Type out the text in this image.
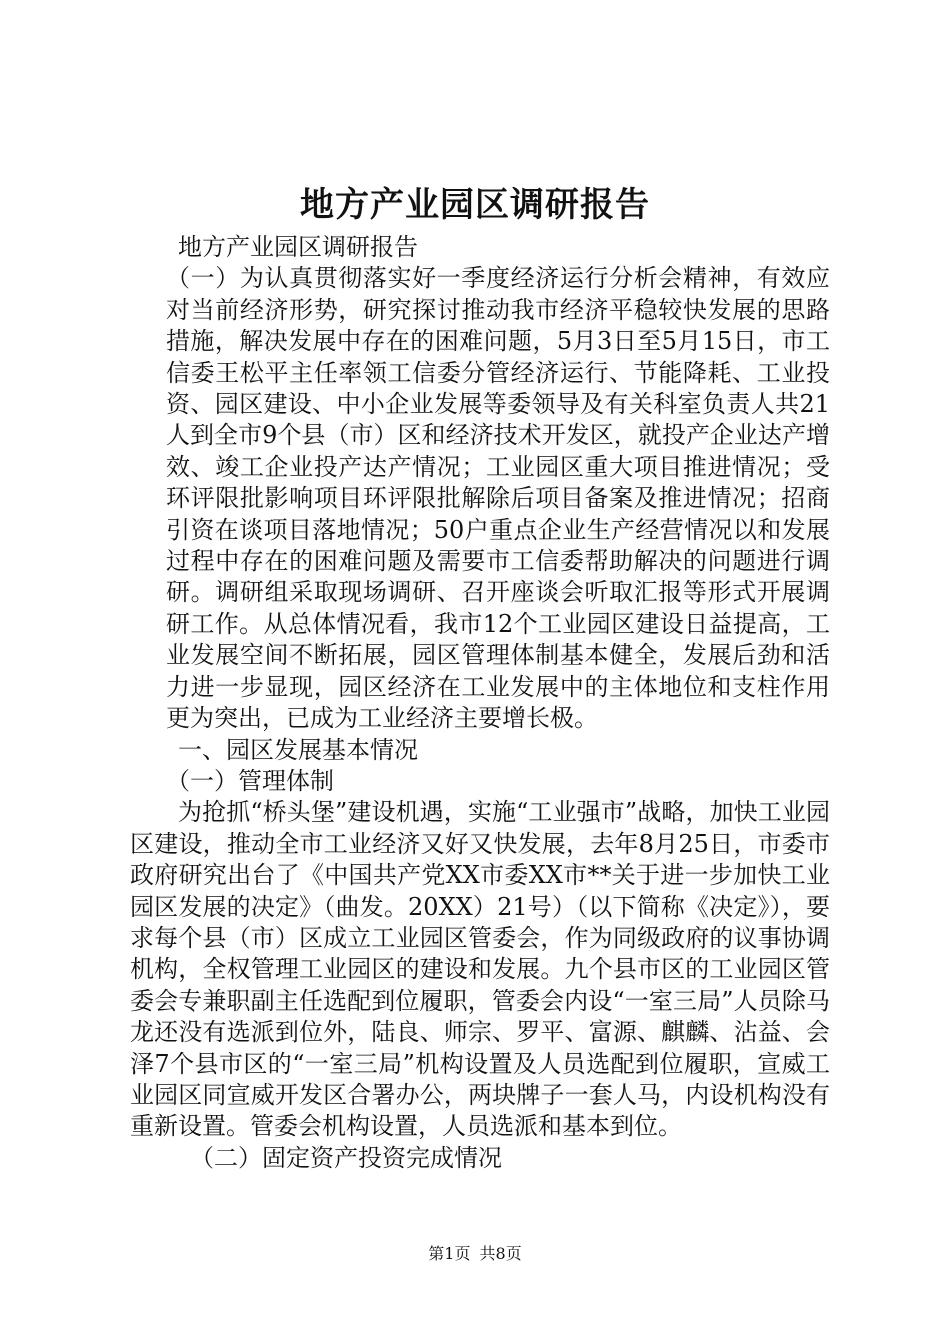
地方产业园区调研报告

地方产业园区调研报告

（一）为认真贯彻落实好一季度经济运行分析会精神，有效应对当前经济形势，研究探讨推动我市经济平稳较快发展的思路措施，解决发展中存在的困难问题，5月3日至5月15日，市工信委王松平主任率领工信委分管经济运行、节能降耗、工业投资、园区建设、中小企业发展等委领导及有关科室负责人共21人到全市9个县（市）区和经济技术开发区，就投产企业达产增效、竣工企业投产达产情况；工业园区重大项目推进情况；受环评限批影响项目环评限批解除后项目备案及推进情况；招商引资在谈项目落地情况；50户重点企业生产经营情况以和发展过程中存在的困难问题及需要市工信委帮助解决的问题进行调研。调研组采取现场调研、召开座谈会听取汇报等形式开展调研工作。从总体情况看，我市12个工业园区建设日益提高，工业发展空间不断拓展，园区管理体制基本健全，发展后劲和活力进一步显现，园区经济在工业发展中的主体地位和支柱作用更为突出，已成为工业经济主要增长极。

一、园区发展基本情况

（一）管理体制

为抢抓“桥头堡”建设机遇，实施“工业强市”战略，加快工业园区建设，推动全市工业经济又好又快发展，去年8月25日，市委市政府研究出台了《中国共产党XX市委XX市**关于进一步加快工业园区发展的决定》（曲发。20XX）21号）（以下简称《决定》），要求每个县（市）区成立工业园区管委会，作为同级政府的议事协调机构，全权管理工业园区的建设和发展。九个县市区的工业园区管委会专兼职副主任选配到位履职，管委会内设“一室三局”人员除马龙还没有选派到位外，陆良、师宗、罗平、富源、麒麟、沾益、会泽7个县市区的“一室三局”机构设置及人员选配到位履职，宣威工业园区同宣威开发区合署办公，两块牌子一套人马，内设机构没有重新设置。管委会机构设置，人员选派和基本到位。

（二）固定资产投资完成情况

第1页 共8页
